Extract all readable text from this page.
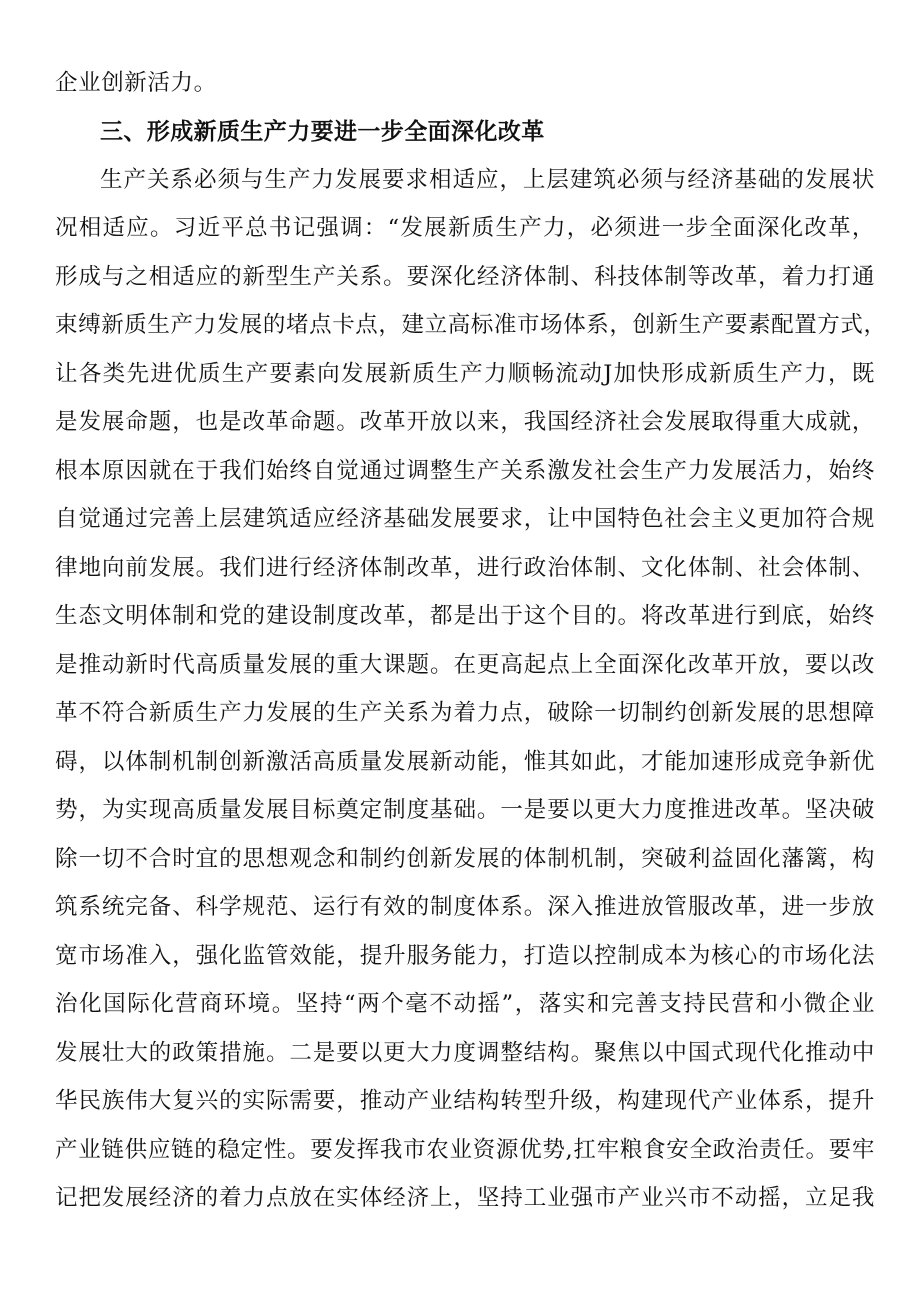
企业创新活力。
三、形成新质生产力要进一步全面深化改革
生产关系必须与生产力发展要求相适应，上层建筑必须与经济基础的发展状
况相适应。习近平总书记强调：“发展新质生产力，必须进一步全面深化改革，
形成与之相适应的新型生产关系。要深化经济体制、科技体制等改革，着力打通
束缚新质生产力发展的堵点卡点，建立高标准市场体系，创新生产要素配置方式，
让各类先进优质生产要素向发展新质生产力顺畅流动J加快形成新质生产力，既
是发展命题，也是改革命题。改革开放以来，我国经济社会发展取得重大成就，
根本原因就在于我们始终自觉通过调整生产关系激发社会生产力发展活力，始终
自觉通过完善上层建筑适应经济基础发展要求，让中国特色社会主义更加符合规
律地向前发展。我们进行经济体制改革，进行政治体制、文化体制、社会体制、
生态文明体制和党的建设制度改革，都是出于这个目的。将改革进行到底，始终
是推动新时代高质量发展的重大课题。在更高起点上全面深化改革开放，要以改
革不符合新质生产力发展的生产关系为着力点，破除一切制约创新发展的思想障
碍，以体制机制创新激活高质量发展新动能，惟其如此，才能加速形成竞争新优
势，为实现高质量发展目标奠定制度基础。一是要以更大力度推进改革。坚决破
除一切不合时宜的思想观念和制约创新发展的体制机制，突破利益固化藩篱，构
筑系统完备、科学规范、运行有效的制度体系。深入推进放管服改革，进一步放
宽市场准入，强化监管效能，提升服务能力，打造以控制成本为核心的市场化法
治化国际化营商环境。坚持“两个毫不动摇”，落实和完善支持民营和小微企业
发展壮大的政策措施。二是要以更大力度调整结构。聚焦以中国式现代化推动中
华民族伟大复兴的实际需要，推动产业结构转型升级，构建现代产业体系，提升
产业链供应链的稳定性。要发挥我市农业资源优势,扛牢粮食安全政治责任。要牢
记把发展经济的着力点放在实体经济上，坚持工业强市产业兴市不动摇，立足我
